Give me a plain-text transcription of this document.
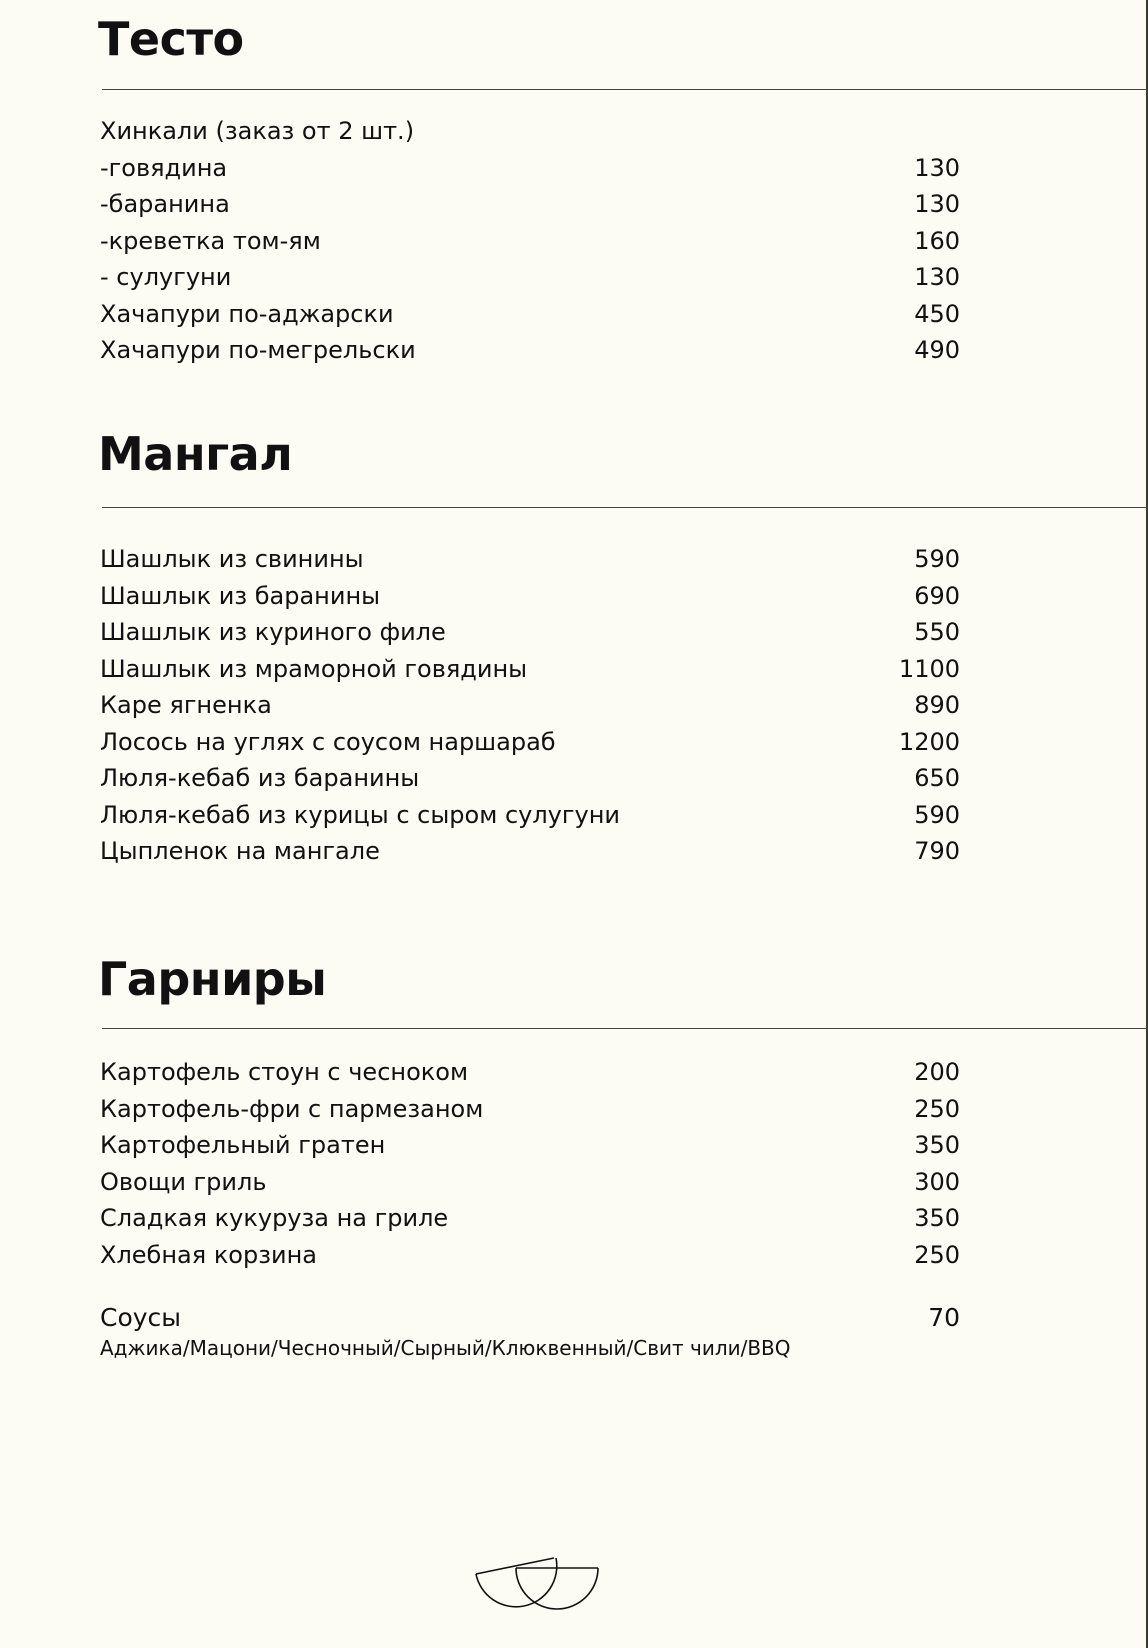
Тесто
Хинкали (заказ от 2 шт.)
-говядина	130
-баранина	130
-креветка том-ям	160
- сулугуни	130
Хачапури по-аджарски	450
Хачапури по-мегрельски	490
Мангал
Шашлык из свинины	590
Шашлык из баранины	690
Шашлык из куриного филе	550
Шашлык из мраморной говядины	1100
Каре ягненка	890
Лосось на углях с соусом наршараб	1200
Люля-кебаб из баранины	650
Люля-кебаб из курицы с сыром сулугуни	590
Цыпленок на мангале	790
Гарниры
Картофель стоун с чесноком	200
Картофель-фри с пармезаном	250
Картофельный гратен	350
Овощи гриль	300
Сладкая кукуруза на гриле	350
Хлебная корзина	250
Соусы	70
Аджика/Мацони/Чесночный/Сырный/Клюквенный/Свит чили/BBQ
